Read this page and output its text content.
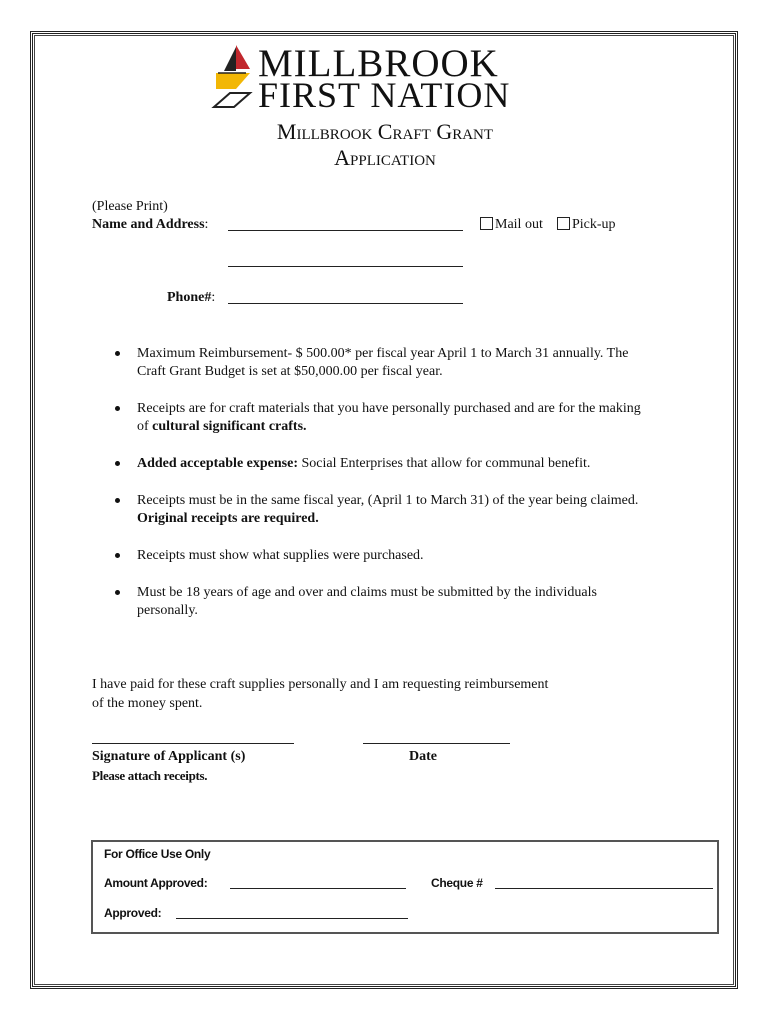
MILLBROOK
FIRST NATION
Millbrook Craft Grant
Application
(Please Print)
Name and Address:	Mail out Pick-up
Phone#:
Maximum Reimbursement- $ 500.00* per fiscal year April 1 to March 31 annually. The Craft Grant Budget is set at $50,000.00 per fiscal year.
Receipts are for craft materials that you have personally purchased and are for the making of cultural significant crafts.
Added acceptable expense: Social Enterprises that allow for communal benefit.
Receipts must be in the same fiscal year, (April 1 to March 31) of the year being claimed. Original receipts are required.
Receipts must show what supplies were purchased.
Must be 18 years of age and over and claims must be submitted by the individuals personally.
I have paid for these craft supplies personally and I am requesting reimbursement
of the money spent.
Signature of Applicant (s)	Date
Please attach receipts.
For Office Use Only
Amount Approved:	Cheque #
Approved:
